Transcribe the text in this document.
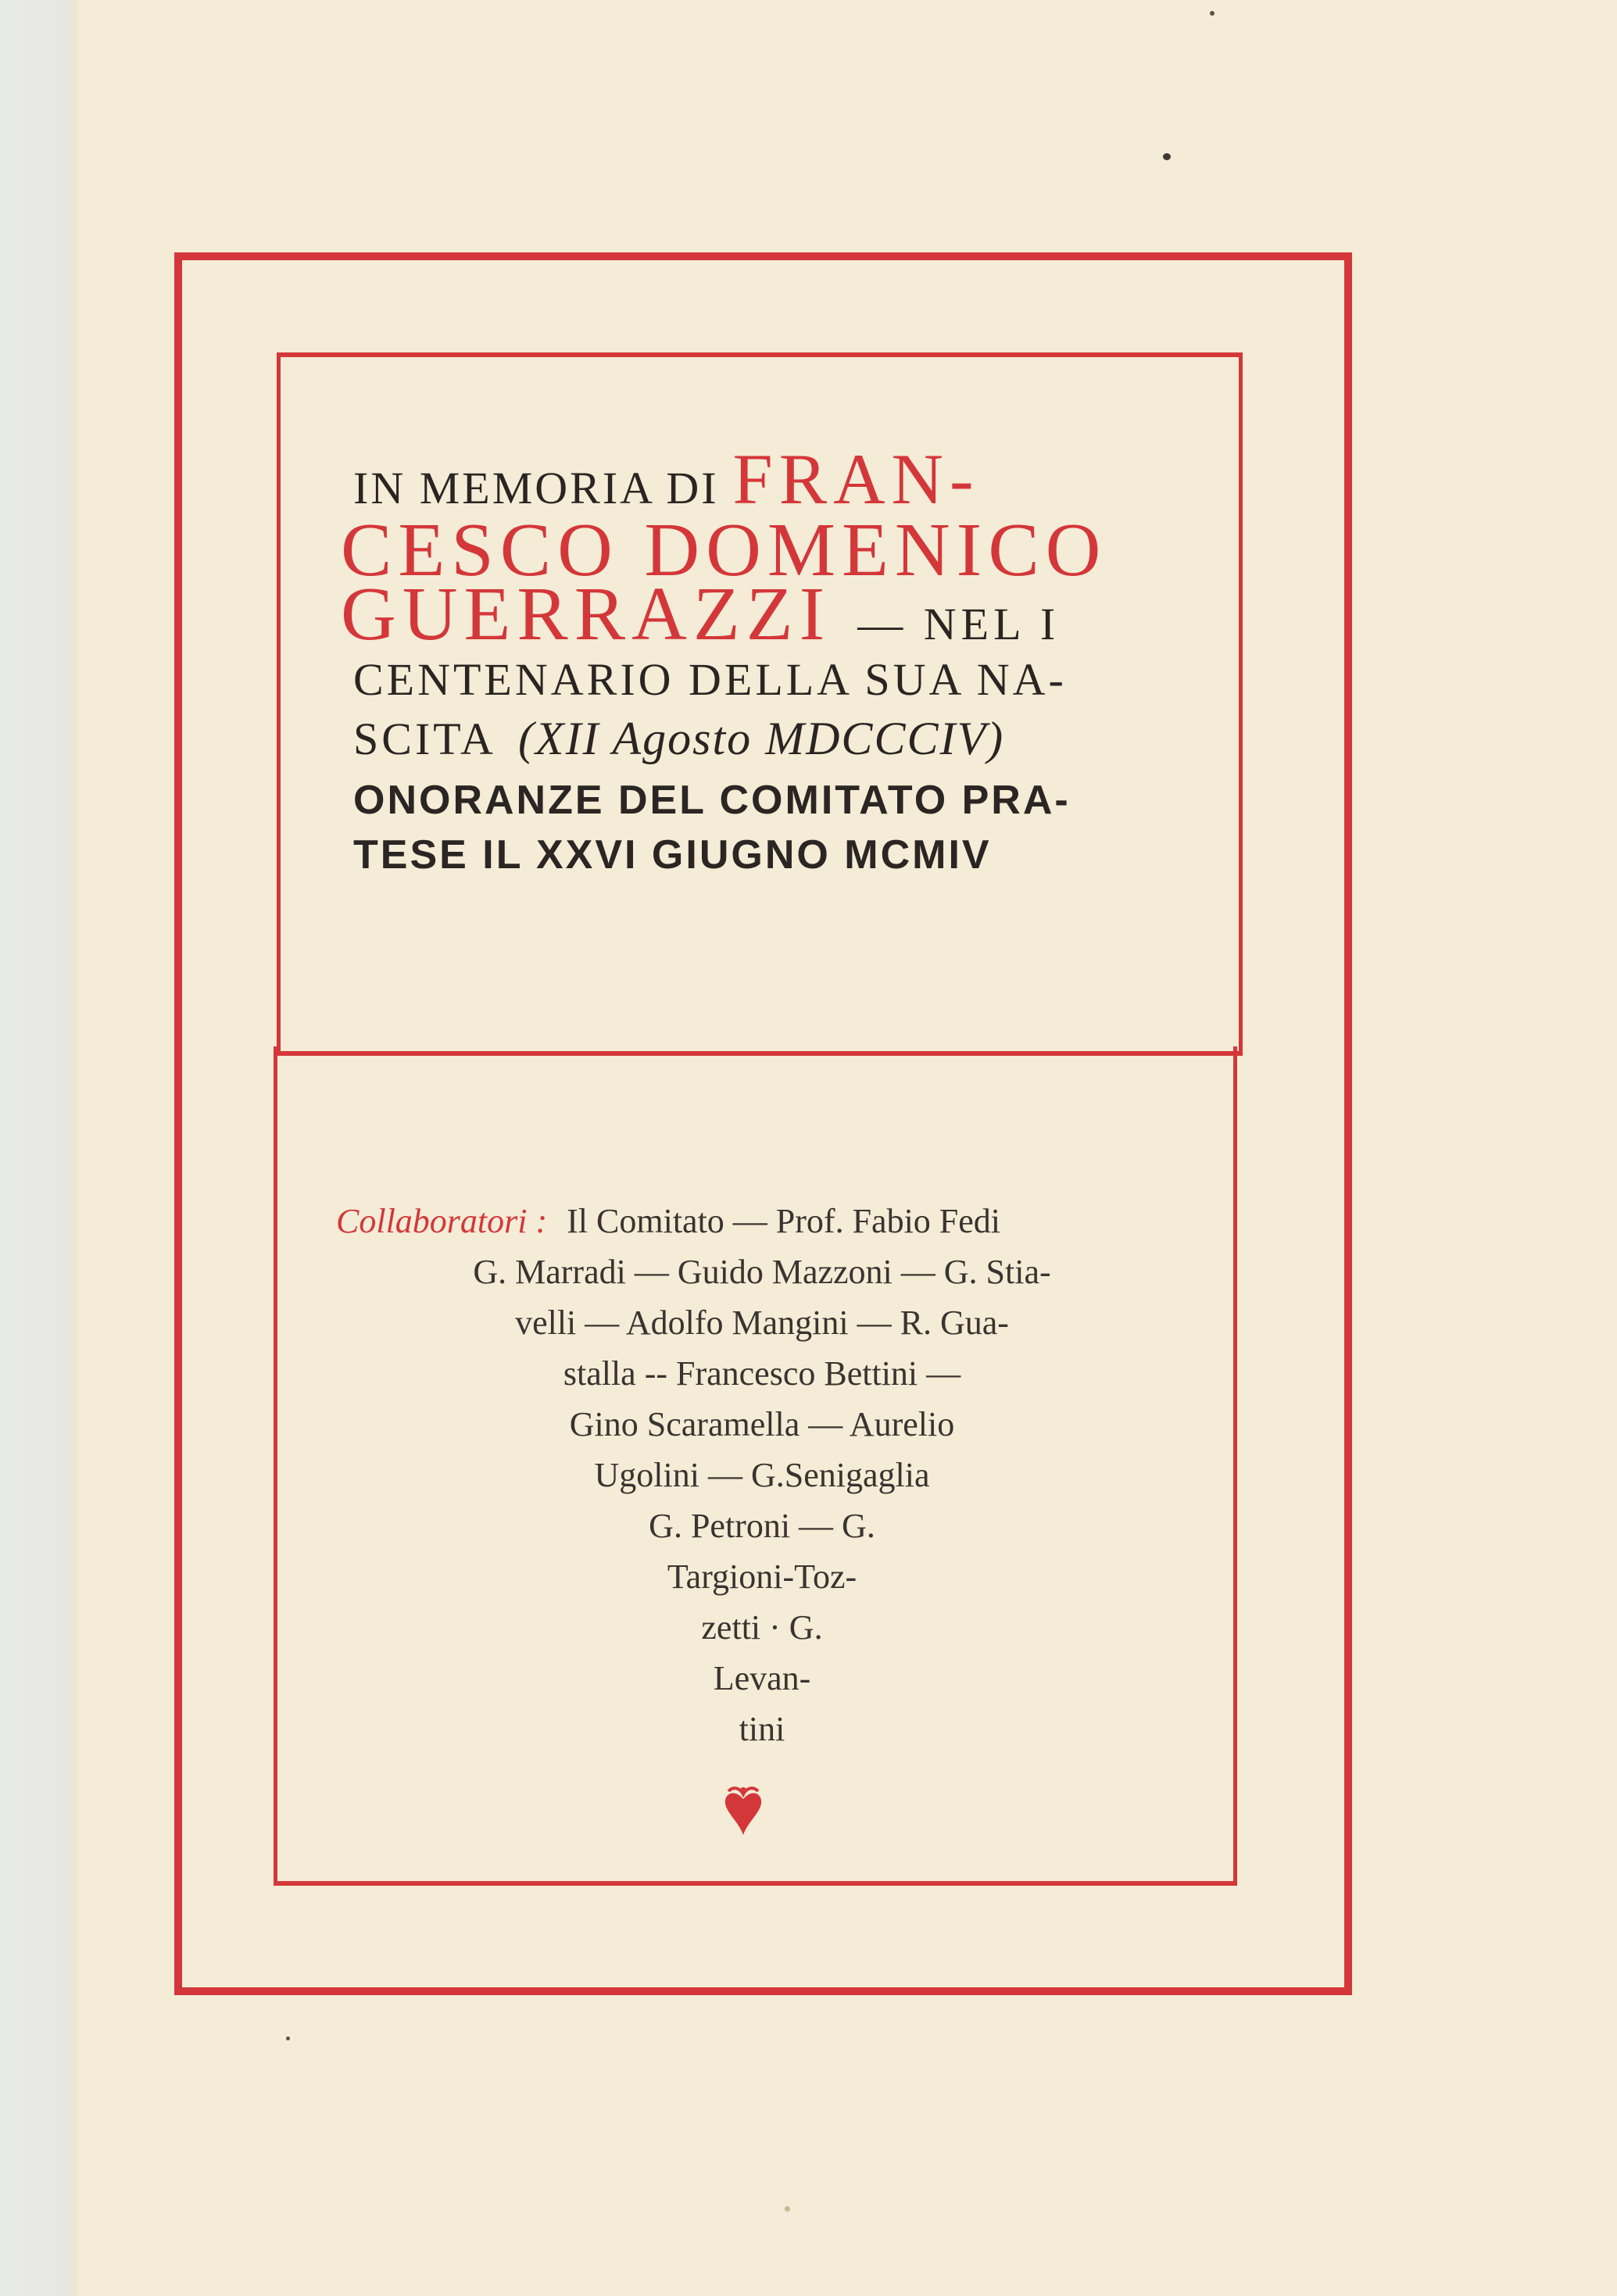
IN MEMORIA DI FRAN-
CESCO DOMENICO
GUERRAZZI — NEL I
CENTENARIO DELLA SUA NA-
SCITA (XII Agosto MDCCCIV)
ONORANZE DEL COMITATO PRA-
TESE IL XXVI GIUGNO MCMIV
Collaboratori : Il Comitato — Prof. Fabio Fedi
G. Marradi — Guido Mazzoni — G. Stia-
velli — Adolfo Mangini — R. Gua-
stalla -- Francesco Bettini —
Gino Scaramella — Aurelio
Ugolini — G.Senigaglia
G. Petroni — G.
Targioni-Toz-
zetti · G.
Levan-
tini
